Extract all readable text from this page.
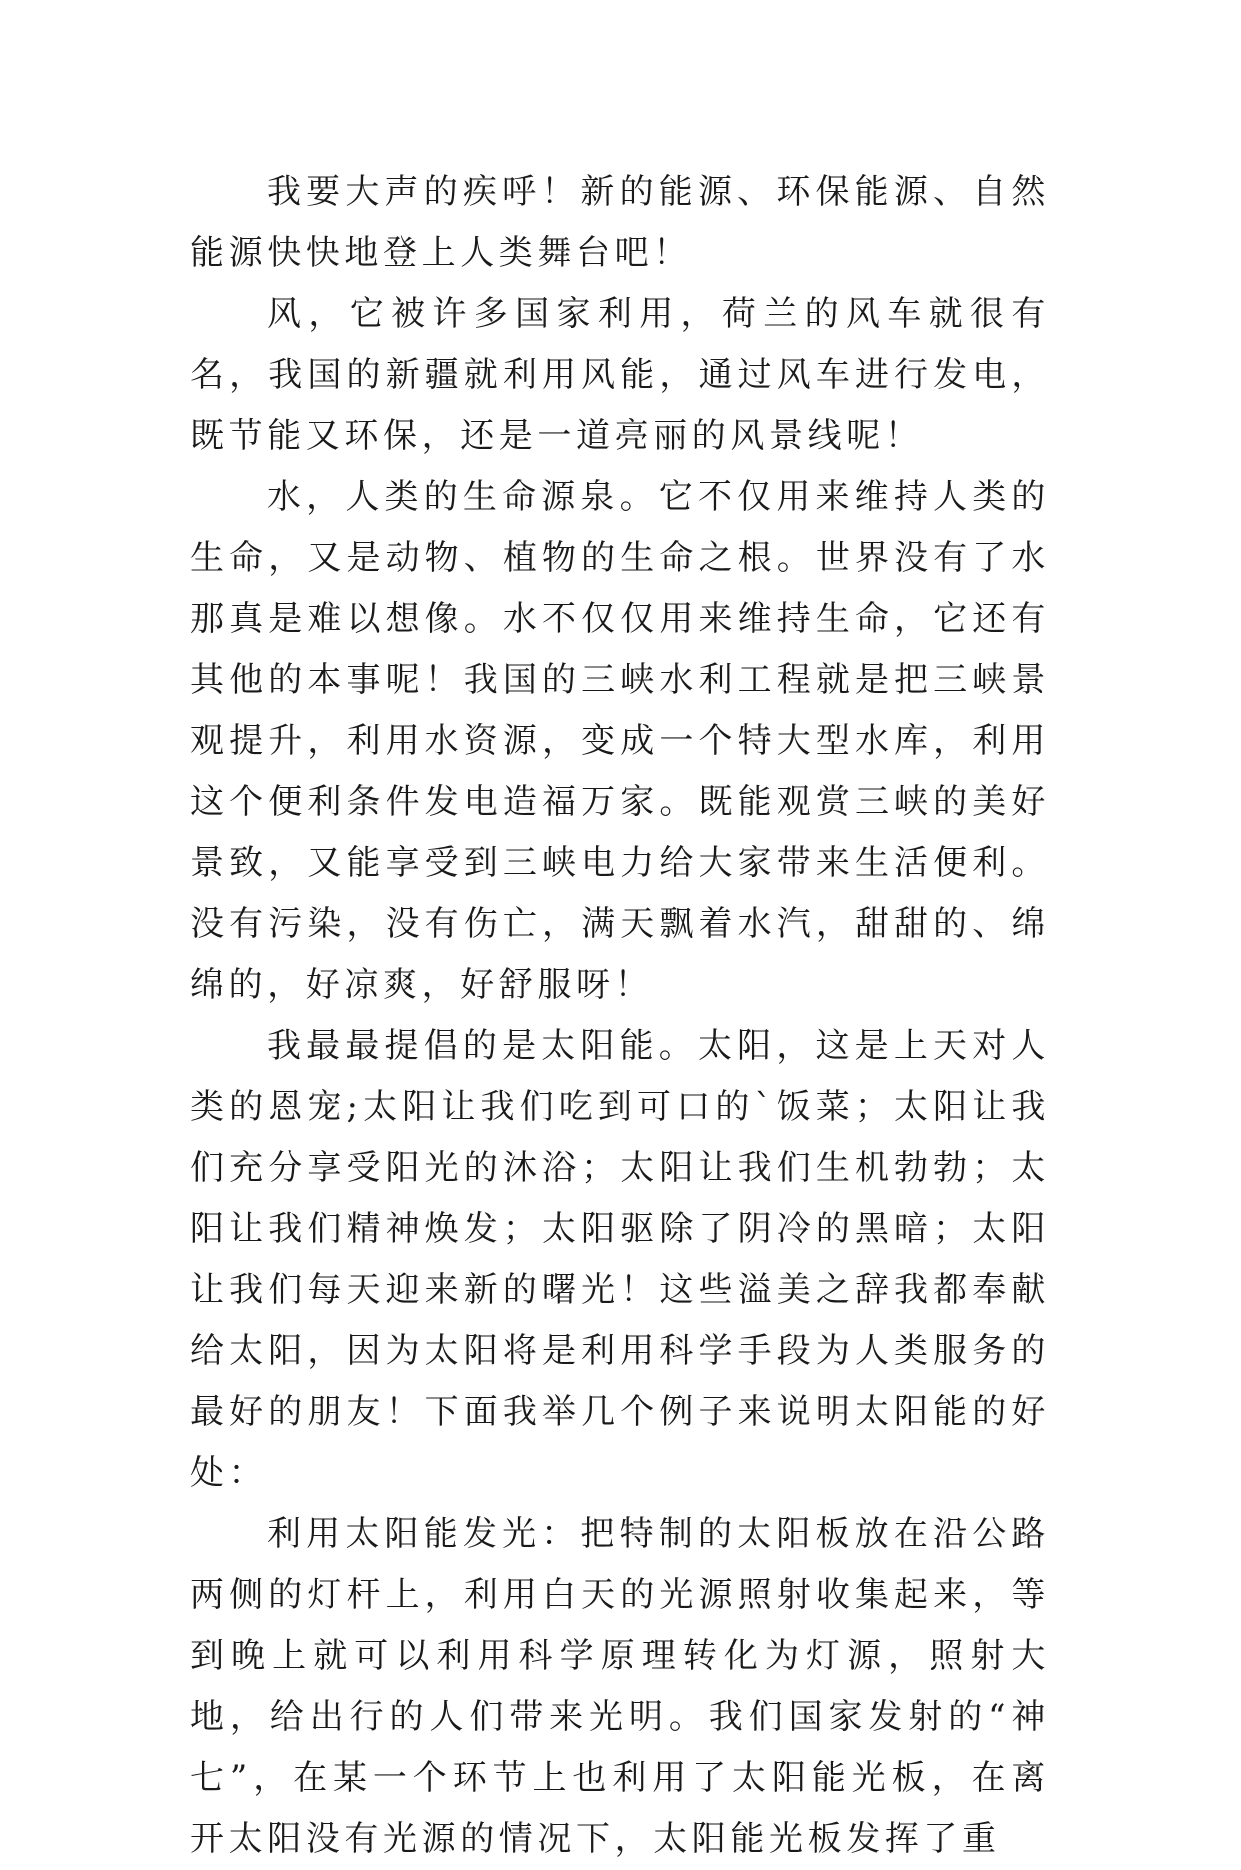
我要大声的疾呼！新的能源、环保能源、自然能源快快地登上人类舞台吧！

风，它被许多国家利用，荷兰的风车就很有名，我国的新疆就利用风能，通过风车进行发电，既节能又环保，还是一道亮丽的风景线呢！

水，人类的生命源泉。它不仅用来维持人类的生命，又是动物、植物的生命之根。世界没有了水那真是难以想像。水不仅仅用来维持生命，它还有其他的本事呢！我国的三峡水利工程就是把三峡景观提升，利用水资源，变成一个特大型水库，利用这个便利条件发电造福万家。既能观赏三峡的美好景致，又能享受到三峡电力给大家带来生活便利。没有污染，没有伤亡，满天飘着水汽，甜甜的、绵绵的，好凉爽，好舒服呀！

我最最提倡的是太阳能。太阳，这是上天对人类的恩宠;太阳让我们吃到可口的`饭菜；太阳让我们充分享受阳光的沐浴；太阳让我们生机勃勃；太阳让我们精神焕发；太阳驱除了阴冷的黑暗；太阳让我们每天迎来新的曙光！这些溢美之辞我都奉献给太阳，因为太阳将是利用科学手段为人类服务的最好的朋友！下面我举几个例子来说明太阳能的好处：

利用太阳能发光：把特制的太阳板放在沿公路两侧的灯杆上，利用白天的光源照射收集起来，等到晚上就可以利用科学原理转化为灯源，照射大地，给出行的人们带来光明。我们国家发射的“神七”，在某一个环节上也利用了太阳能光板，在离开太阳没有光源的情况下，太阳能光板发挥了重
